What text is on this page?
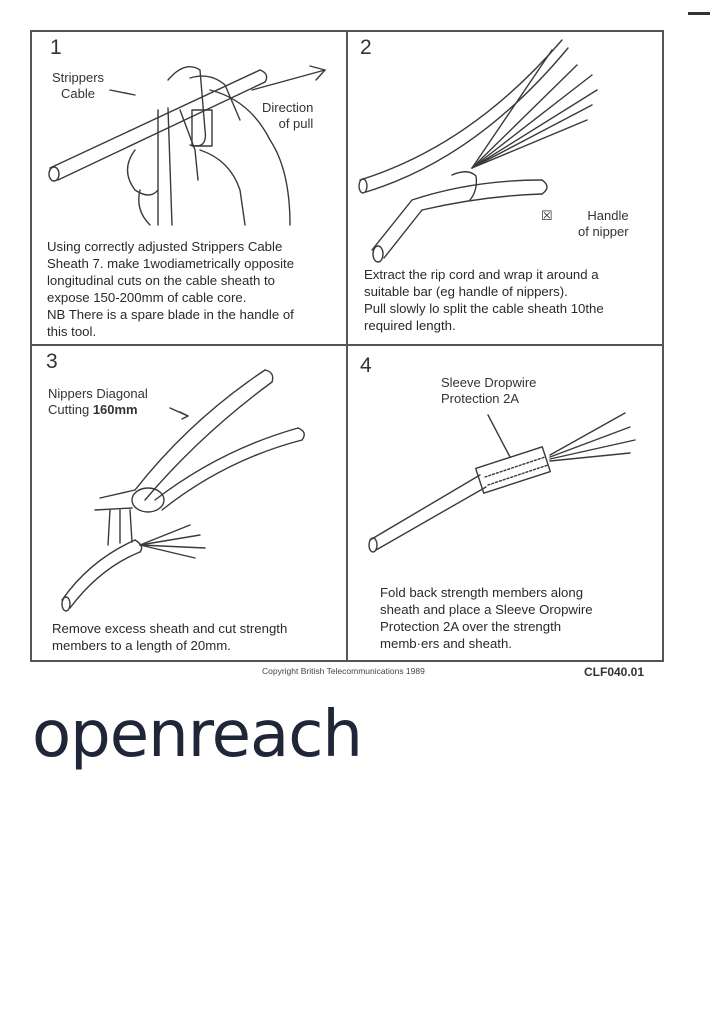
1
Strippers
Cable
Direction
of pull

Using correctly adjusted Strippers Cable

Sheath 7. make 1wodiametrically opposite

longitudinal cuts on the cable sheath to

expose 150-200mm of cable core.

NB There is a spare blade in the handle of

this tool.

2
☒	Handle
of nipper

Extract the rip cord and wrap it around a

suitable bar (eg handle of nippers).

Pull slowly lo split the cable sheath 10the

required length.

3
Nippers Diagonal
Cutting 160mm

Remove excess sheath and cut strength

members to a length of 20mm.

4
Sleeve Dropwire
Protection 2A

Fold back strength members along

sheath and place a Sleeve Oropwire

Protection 2A over the strength

memb·ers and sheath.

Copyright British Telecommunications 1989	CLF040.01
openreach
